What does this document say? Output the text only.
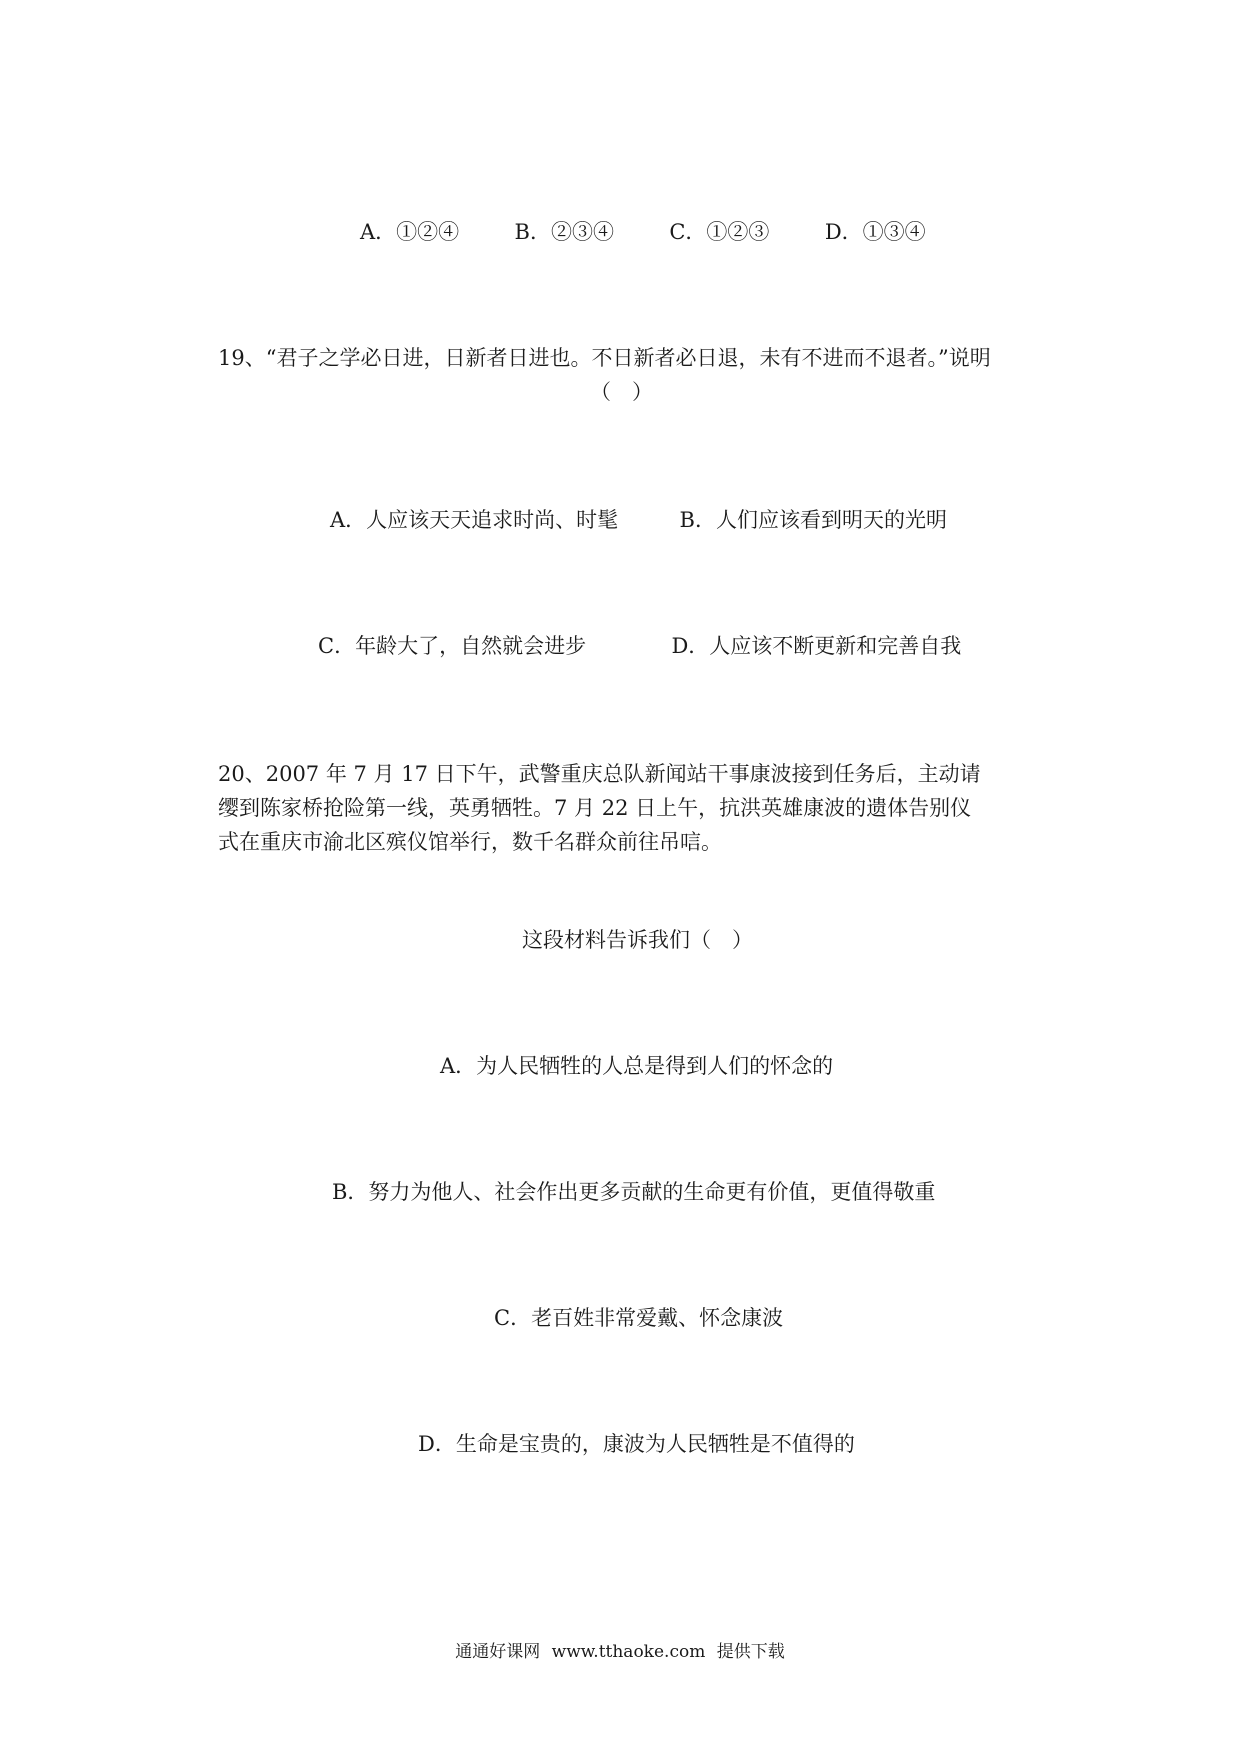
A．①②④	B．②③④	C．①②③	D．①③④
19、“君子之学必日进，日新者日进也。不日新者必日退，未有不进而不退者。”说明
（　）
A．人应该天天追求时尚、时髦	B．人们应该看到明天的光明
C．年龄大了，自然就会进步	D．人应该不断更新和完善自我
20、2007 年 7 月 17 日下午，武警重庆总队新闻站干事康波接到任务后，主动请
缨到陈家桥抢险第一线，英勇牺牲。7 月 22 日上午，抗洪英雄康波的遗体告别仪
式在重庆市渝北区殡仪馆举行，数千名群众前往吊唁。
这段材料告诉我们（　）
A．为人民牺牲的人总是得到人们的怀念的
B．努力为他人、社会作出更多贡献的生命更有价值，更值得敬重
C．老百姓非常爱戴、怀念康波
D．生命是宝贵的，康波为人民牺牲是不值得的
通通好课网 www.tthaoke.com 提供下载
